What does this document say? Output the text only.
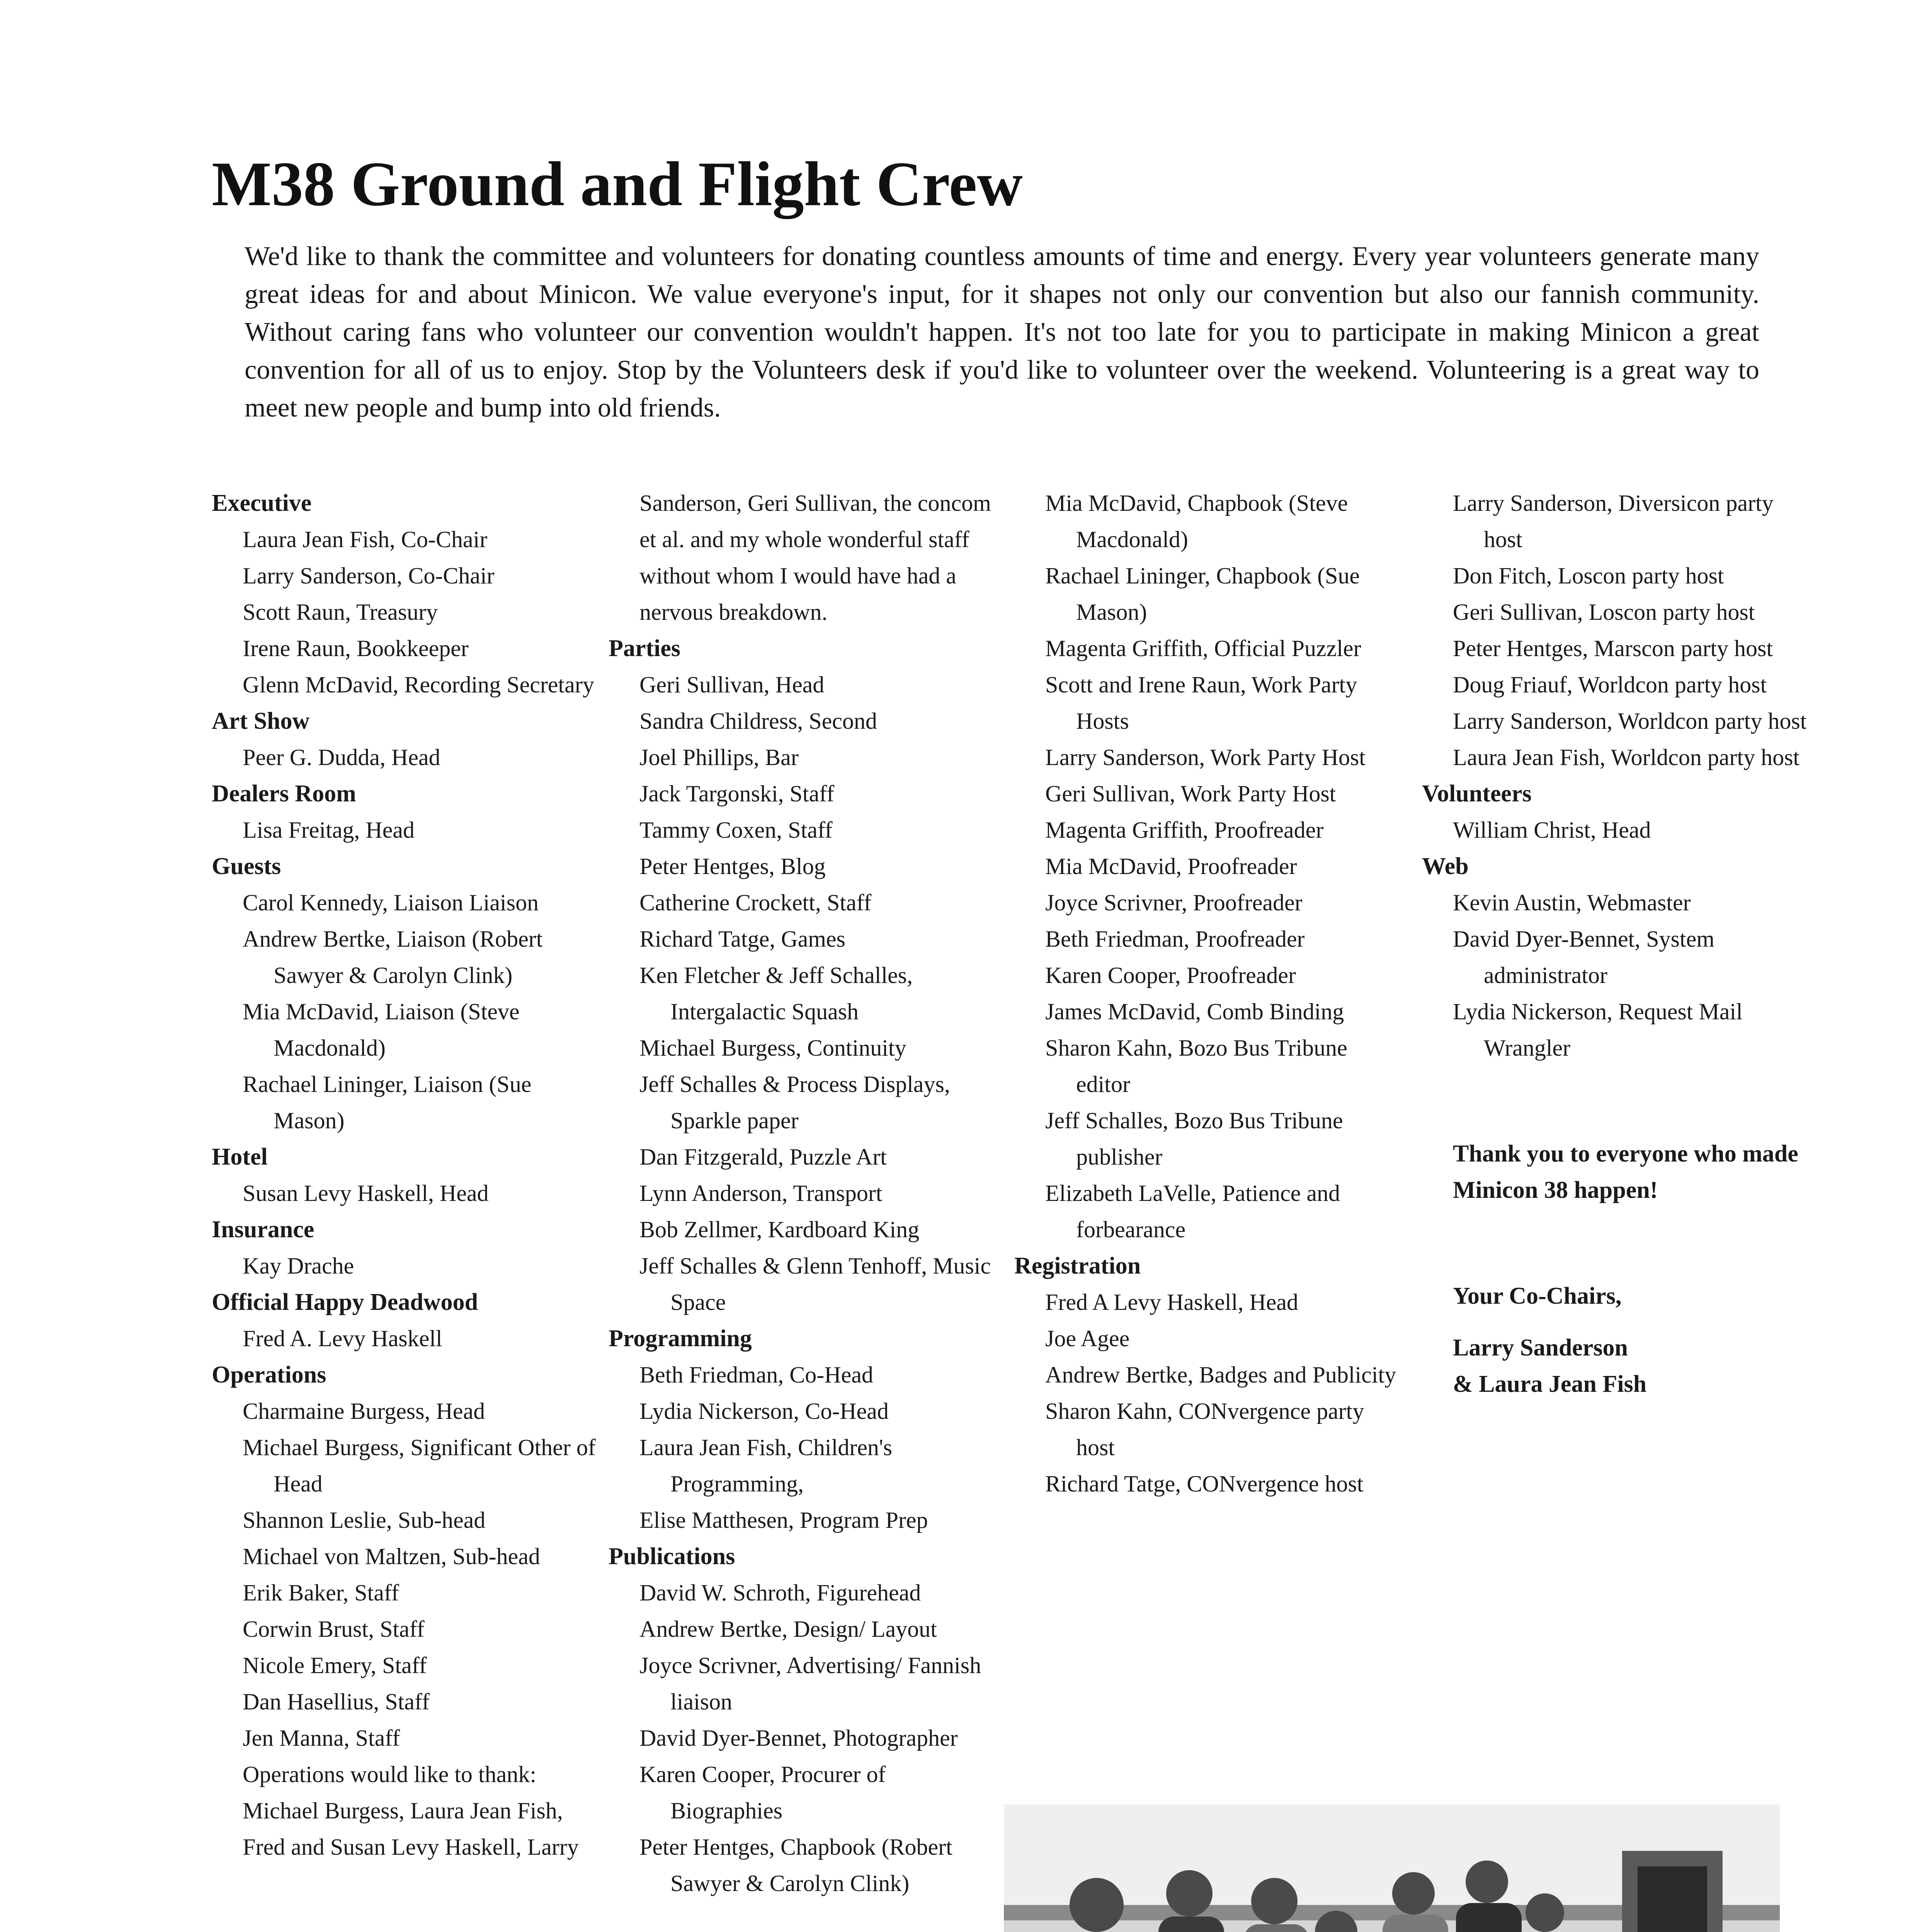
M38 Ground and Flight Crew

We'd like to thank the committee and volunteers for donating countless amounts of time and energy. Every year volunteers generate many great ideas for and about Minicon. We value everyone's input, for it shapes not only our convention but also our fannish community. Without caring fans who volunteer our convention wouldn't happen. It's not too late for you to participate in making Minicon a great convention for all of us to enjoy. Stop by the Volunteers desk if you'd like to volunteer over the weekend. Volunteering is a great way to meet new people and bump into old friends.

Executive
Laura Jean Fish, Co-Chair
Larry Sanderson, Co-Chair
Scott Raun, Treasury
Irene Raun, Bookkeeper
Glenn McDavid, Recording Secretary
Art Show
Peer G. Dudda, Head
Dealers Room
Lisa Freitag, Head
Guests
Carol Kennedy, Liaison Liaison
Andrew Bertke, Liaison (Robert Sawyer & Carolyn Clink)
Mia McDavid, Liaison (Steve Macdonald)
Rachael Lininger, Liaison (Sue Mason)
Hotel
Susan Levy Haskell, Head
Insurance
Kay Drache
Official Happy Deadwood
Fred A. Levy Haskell
Operations
Charmaine Burgess, Head
Michael Burgess, Significant Other of Head
Shannon Leslie, Sub-head
Michael von Maltzen, Sub-head
Erik Baker, Staff
Corwin Brust, Staff
Nicole Emery, Staff
Dan Hasellius, Staff
Jen Manna, Staff
Operations would like to thank: Michael Burgess, Laura Jean Fish, Fred and Susan Levy Haskell, Larry
Sanderson, Geri Sullivan, the concom et al. and my whole wonderful staff without whom I would have had a nervous breakdown.
Parties
Geri Sullivan, Head
Sandra Childress, Second
Joel Phillips, Bar
Jack Targonski, Staff
Tammy Coxen, Staff
Peter Hentges, Blog
Catherine Crockett, Staff
Richard Tatge, Games
Ken Fletcher & Jeff Schalles, Intergalactic Squash
Michael Burgess, Continuity
Jeff Schalles & Process Displays, Sparkle paper
Dan Fitzgerald, Puzzle Art
Lynn Anderson, Transport
Bob Zellmer, Kardboard King
Jeff Schalles & Glenn Tenhoff, Music Space
Programming
Beth Friedman, Co-Head
Lydia Nickerson, Co-Head
Laura Jean Fish, Children's Programming,
Elise Matthesen, Program Prep
Publications
David W. Schroth, Figurehead
Andrew Bertke, Design/ Layout
Joyce Scrivner, Advertising/ Fannish liaison
David Dyer-Bennet, Photographer
Karen Cooper, Procurer of Biographies
Peter Hentges, Chapbook (Robert Sawyer & Carolyn Clink)
Mia McDavid, Chapbook (Steve Macdonald)
Rachael Lininger, Chapbook (Sue Mason)
Magenta Griffith, Official Puzzler
Scott and Irene Raun, Work Party Hosts
Larry Sanderson, Work Party Host
Geri Sullivan, Work Party Host
Magenta Griffith, Proofreader
Mia McDavid, Proofreader
Joyce Scrivner, Proofreader
Beth Friedman, Proofreader
Karen Cooper, Proofreader
James McDavid, Comb Binding
Sharon Kahn, Bozo Bus Tribune editor
Jeff Schalles, Bozo Bus Tribune publisher
Elizabeth LaVelle, Patience and forbearance
Registration
Fred A Levy Haskell, Head
Joe Agee
Andrew Bertke, Badges and Publicity
Sharon Kahn, CONvergence party host
Richard Tatge, CONvergence host
Larry Sanderson, Diversicon party host
Don Fitch, Loscon party host
Geri Sullivan, Loscon party host
Peter Hentges, Marscon party host
Doug Friauf, Worldcon party host
Larry Sanderson, Worldcon party host
Laura Jean Fish, Worldcon party host
Volunteers
William Christ, Head
Web
Kevin Austin, Webmaster
David Dyer-Bennet, System administrator
Lydia Nickerson, Request Mail Wrangler

Thank you to everyone who made Minicon 38 happen!

Your Co-Chairs,

Larry Sanderson

& Laura Jean Fish
